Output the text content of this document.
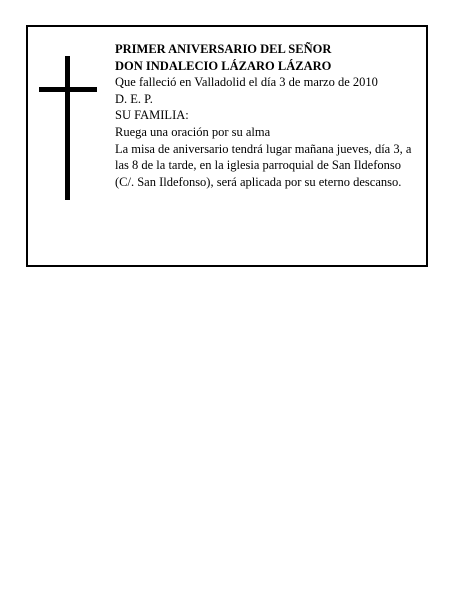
PRIMER ANIVERSARIO DEL SEÑOR
DON INDALECIO LÁZARO LÁZARO
Que falleció en Valladolid el día 3 de marzo de 2010
D. E. P.
SU FAMILIA:
Ruega una oración por su alma
La misa de aniversario tendrá lugar mañana jueves, día 3, a las 8 de la tarde, en la iglesia parroquial de San Ildefonso (C/. San Ildefonso), será aplicada por su eterno descanso.
